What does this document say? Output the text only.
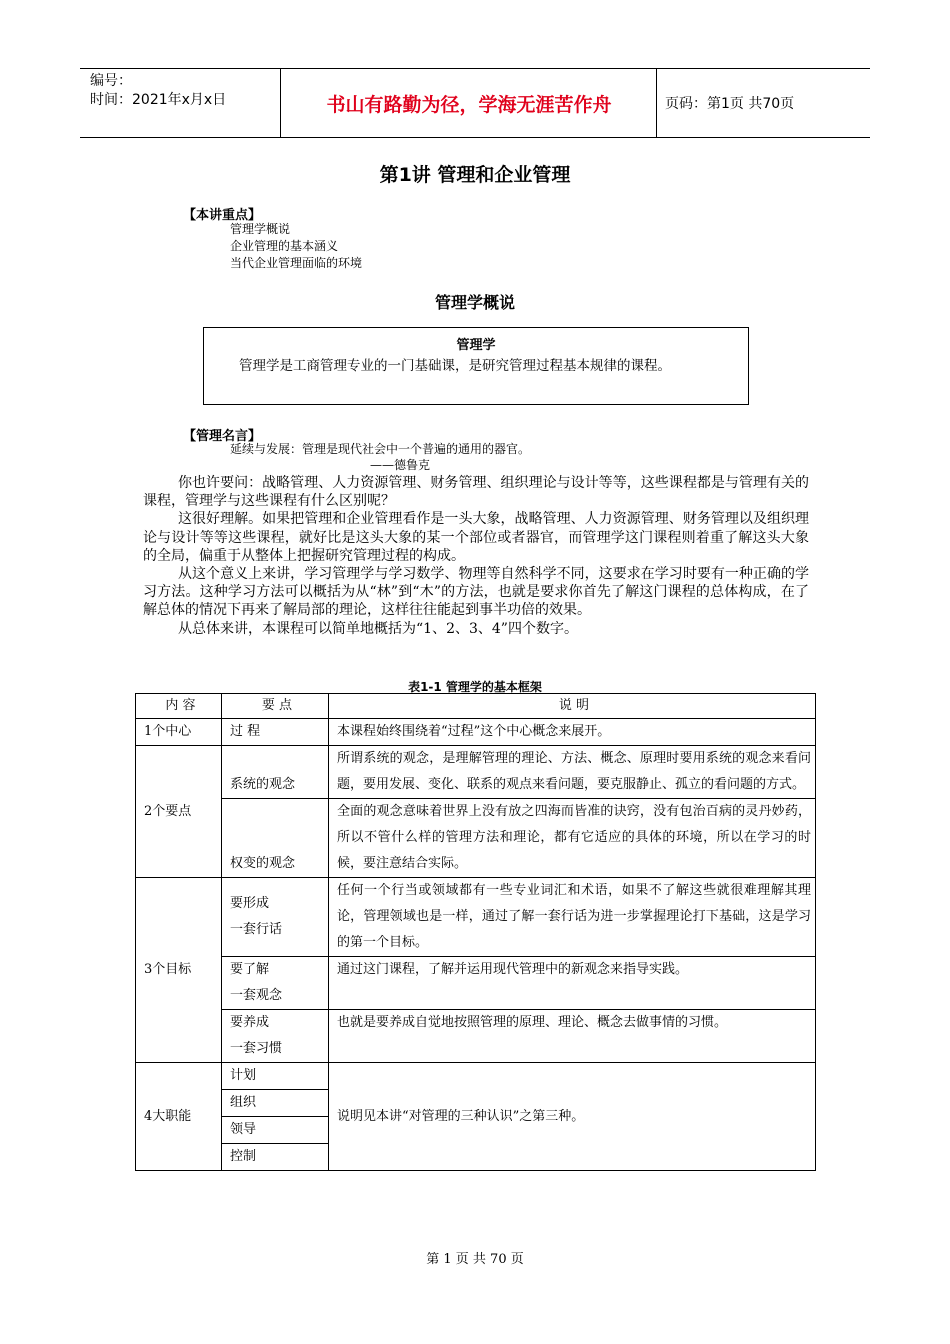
编号：
时间：2021年x月x日	书山有路勤为径，学海无涯苦作舟	页码：第1页 共70页
第1讲 管理和企业管理
【本讲重点】
管理学概说
企业管理的基本涵义
当代企业管理面临的环境
管理学概说
管理学
管理学是工商管理专业的一门基础课，是研究管理过程基本规律的课程。
【管理名言】
延续与发展：管理是现代社会中一个普遍的通用的器官。
——德鲁克

你也许要问：战略管理、人力资源管理、财务管理、组织理论与设计等等，这些课程都是与管理有关的课程，管理学与这些课程有什么区别呢？

这很好理解。如果把管理和企业管理看作是一头大象，战略管理、人力资源管理、财务管理以及组织理论与设计等等这些课程，就好比是这头大象的某一个部位或者器官，而管理学这门课程则着重了解这头大象的全局，偏重于从整体上把握研究管理过程的构成。

从这个意义上来讲，学习管理学与学习数学、物理等自然科学不同，这要求在学习时要有一种正确的学习方法。这种学习方法可以概括为从“林”到“木”的方法，也就是要求你首先了解这门课程的总体构成，在了解总体的情况下再来了解局部的理论，这样往往能起到事半功倍的效果。

从总体来讲，本课程可以简单地概括为“1、2、3、4”四个数字。

表1-1 管理学的基本框架
内 容	要 点	说 明
1个中心	过 程	本课程始终围绕着“过程”这个中心概念来展开。
2个要点	系统的观念	所谓系统的观念，是理解管理的理论、方法、概念、原理时要用系统的观念来看问题，要用发展、变化、联系的观点来看问题，要克服静止、孤立的看问题的方式。
	权变的观念	全面的观念意味着世界上没有放之四海而皆准的诀窍，没有包治百病的灵丹妙药，所以不管什么样的管理方法和理论，都有它适应的具体的环境，所以在学习的时候，要注意结合实际。
3个目标	要形成
一套行话	任何一个行当或领域都有一些专业词汇和术语，如果不了解这些就很难理解其理论，管理领域也是一样，通过了解一套行话为进一步掌握理论打下基础，这是学习的第一个目标。

	要了解
一套观念	通过这门课程，了解并运用现代管理中的新观念来指导实践。

	要养成
一套习惯	也就是要养成自觉地按照管理的原理、理论、概念去做事情的习惯。
4大职能	计划	说明见本讲“对管理的三种认识”之第三种。
	组织	
	领导	
	控制	
第 1 页 共 70 页
